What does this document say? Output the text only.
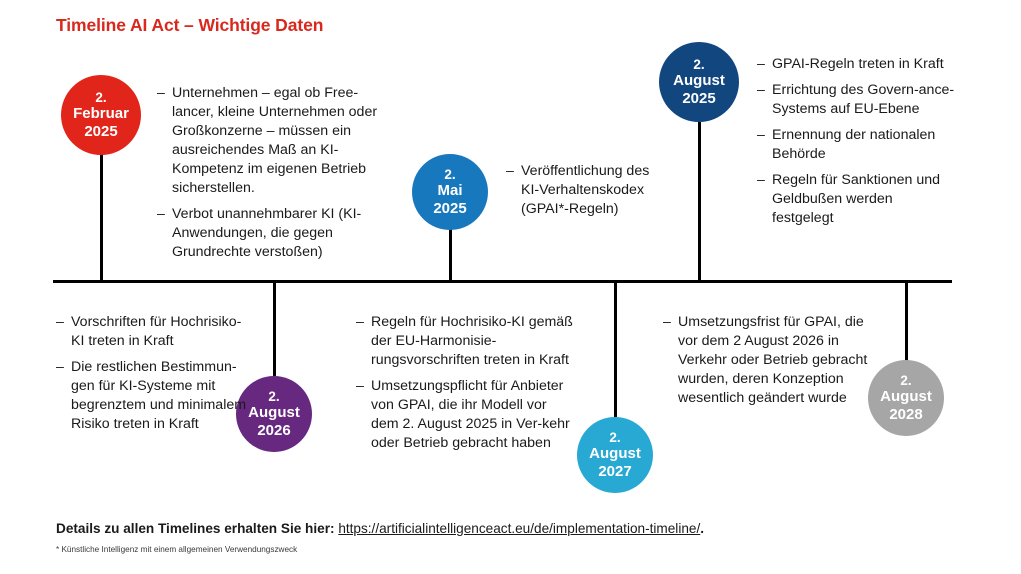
Timeline AI Act – Wichtige Daten
2.
Februar
2025
2.
Mai
2025
2.
August
2025
2.
August
2026	2.
August
2027
2.
August
2028
– Unternehmen – egal ob Free-lancer, kleine Unternehmen oder Großkonzerne – müssen ein ausreichendes Maß an KI-Kompetenz im eigenen Betrieb sicherstellen.
– Verbot unannehmbarer KI (KI-Anwendungen, die gegen Grundrechte verstoßen)
– Veröffentlichung des KI-Verhaltenskodex (GPAI*-Regeln)
– GPAI-Regeln treten in Kraft
– Errichtung des Govern-ance-Systems auf EU-Ebene
– Ernennung der nationalen Behörde
– Regeln für Sanktionen und Geldbußen werden festgelegt
– Vorschriften für Hochrisiko-KI treten in Kraft
– Die restlichen Bestimmun-gen für KI-Systeme mit begrenztem und minimalem Risiko treten in Kraft
– Regeln für Hochrisiko-KI gemäß der EU-Harmonisie-rungsvorschriften treten in Kraft
– Umsetzungspflicht für Anbieter von GPAI, die ihr Modell vor dem 2. August 2025 in Ver-kehr oder Betrieb gebracht haben
– Umsetzungsfrist für GPAI, die vor dem 2 August 2026 in Verkehr oder Betrieb gebracht wurden, deren Konzeption wesentlich geändert wurde
Details zu allen Timelines erhalten Sie hier: https://artificialintelligenceact.eu/de/implementation-timeline/.
* Künstliche Intelligenz mit einem allgemeinen Verwendungszweck
